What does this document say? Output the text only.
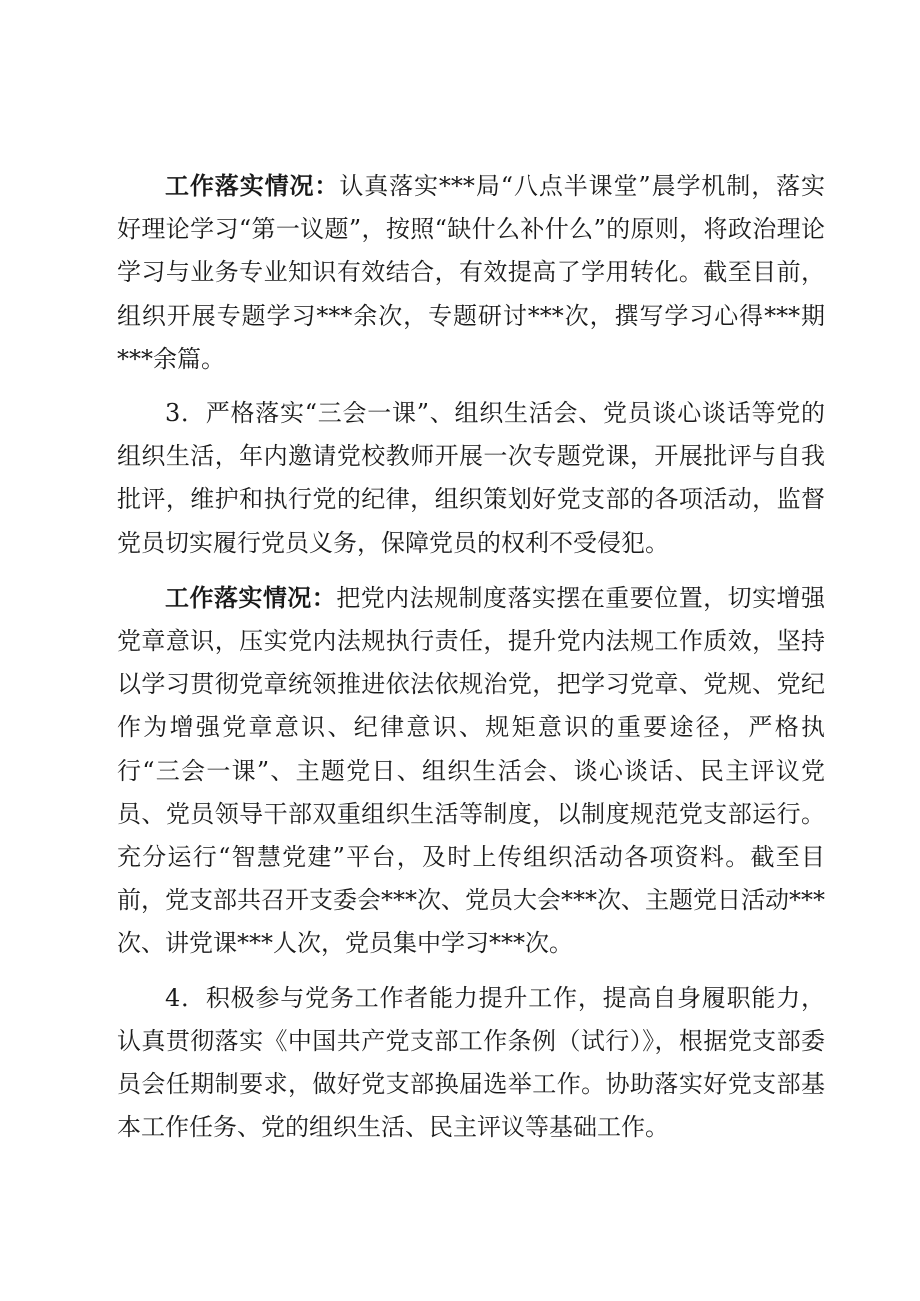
工作落实情况：认真落实***局“八点半课堂”晨学机制，落实好理论学习“第一议题”，按照“缺什么补什么”的原则，将政治理论学习与业务专业知识有效结合，有效提高了学用转化。截至目前，组织开展专题学习***余次，专题研讨***次，撰写学习心得***期***余篇。

3．严格落实“三会一课”、组织生活会、党员谈心谈话等党的组织生活，年内邀请党校教师开展一次专题党课，开展批评与自我批评，维护和执行党的纪律，组织策划好党支部的各项活动，监督党员切实履行党员义务，保障党员的权利不受侵犯。

工作落实情况：把党内法规制度落实摆在重要位置，切实增强党章意识，压实党内法规执行责任，提升党内法规工作质效，坚持以学习贯彻党章统领推进依法依规治党，把学习党章、党规、党纪作为增强党章意识、纪律意识、规矩意识的重要途径，严格执行“三会一课”、主题党日、组织生活会、谈心谈话、民主评议党员、党员领导干部双重组织生活等制度，以制度规范党支部运行。充分运行“智慧党建”平台，及时上传组织活动各项资料。截至目前，党支部共召开支委会***次、党员大会***次、主题党日活动***次、讲党课***人次，党员集中学习***次。

4．积极参与党务工作者能力提升工作，提高自身履职能力，认真贯彻落实《中国共产党支部工作条例（试行）》，根据党支部委员会任期制要求，做好党支部换届选举工作。协助落实好党支部基本工作任务、党的组织生活、民主评议等基础工作。
